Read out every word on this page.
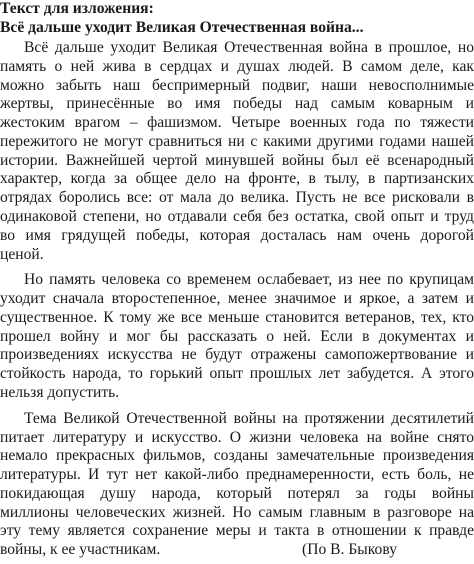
Текст для изложения:
Всё дальше уходит Великая Отечественная война...
Всё дальше уходит Великая Отечественная война в прошлое, но
память о ней жива в сердцах и душах людей. В самом деле, как
можно забыть наш беспримерный подвиг, наши невосполнимые
жертвы, принесённые во имя победы над самым коварным и
жестоким врагом – фашизмом. Четыре военных года по тяжести
пережитого не могут сравниться ни с какими другими годами нашей
истории. Важнейшей чертой минувшей войны был её всенародный
характер, когда за общее дело на фронте, в тылу, в партизанских
отрядах боролись все: от мала до велика. Пусть не все рисковали в
одинаковой степени, но отдавали себя без остатка, свой опыт и труд
во имя грядущей победы, которая досталась нам очень дорогой
ценой.
Но память человека со временем ослабевает, из нее по крупицам
уходит сначала второстепенное, менее значимое и яркое, а затем и
существенное. К тому же все меньше становится ветеранов, тех, кто
прошел войну и мог бы рассказать о ней. Если в документах и
произведениях искусства не будут отражены самопожертвование и
стойкость народа, то горький опыт прошлых лет забудется. А этого
нельзя допустить.
Тема Великой Отечественной войны на протяжении десятилетий
питает литературу и искусство. О жизни человека на войне снято
немало прекрасных фильмов, созданы замечательные произведения
литературы. И тут нет какой-либо преднамеренности, есть боль, не
покидающая душу народа, который потерял за годы войны
миллионы человеческих жизней. Но самым главным в разговоре на
эту тему является сохранение меры и такта в отношении к правде
войны, к ее участникам.	(По В. Быкову
